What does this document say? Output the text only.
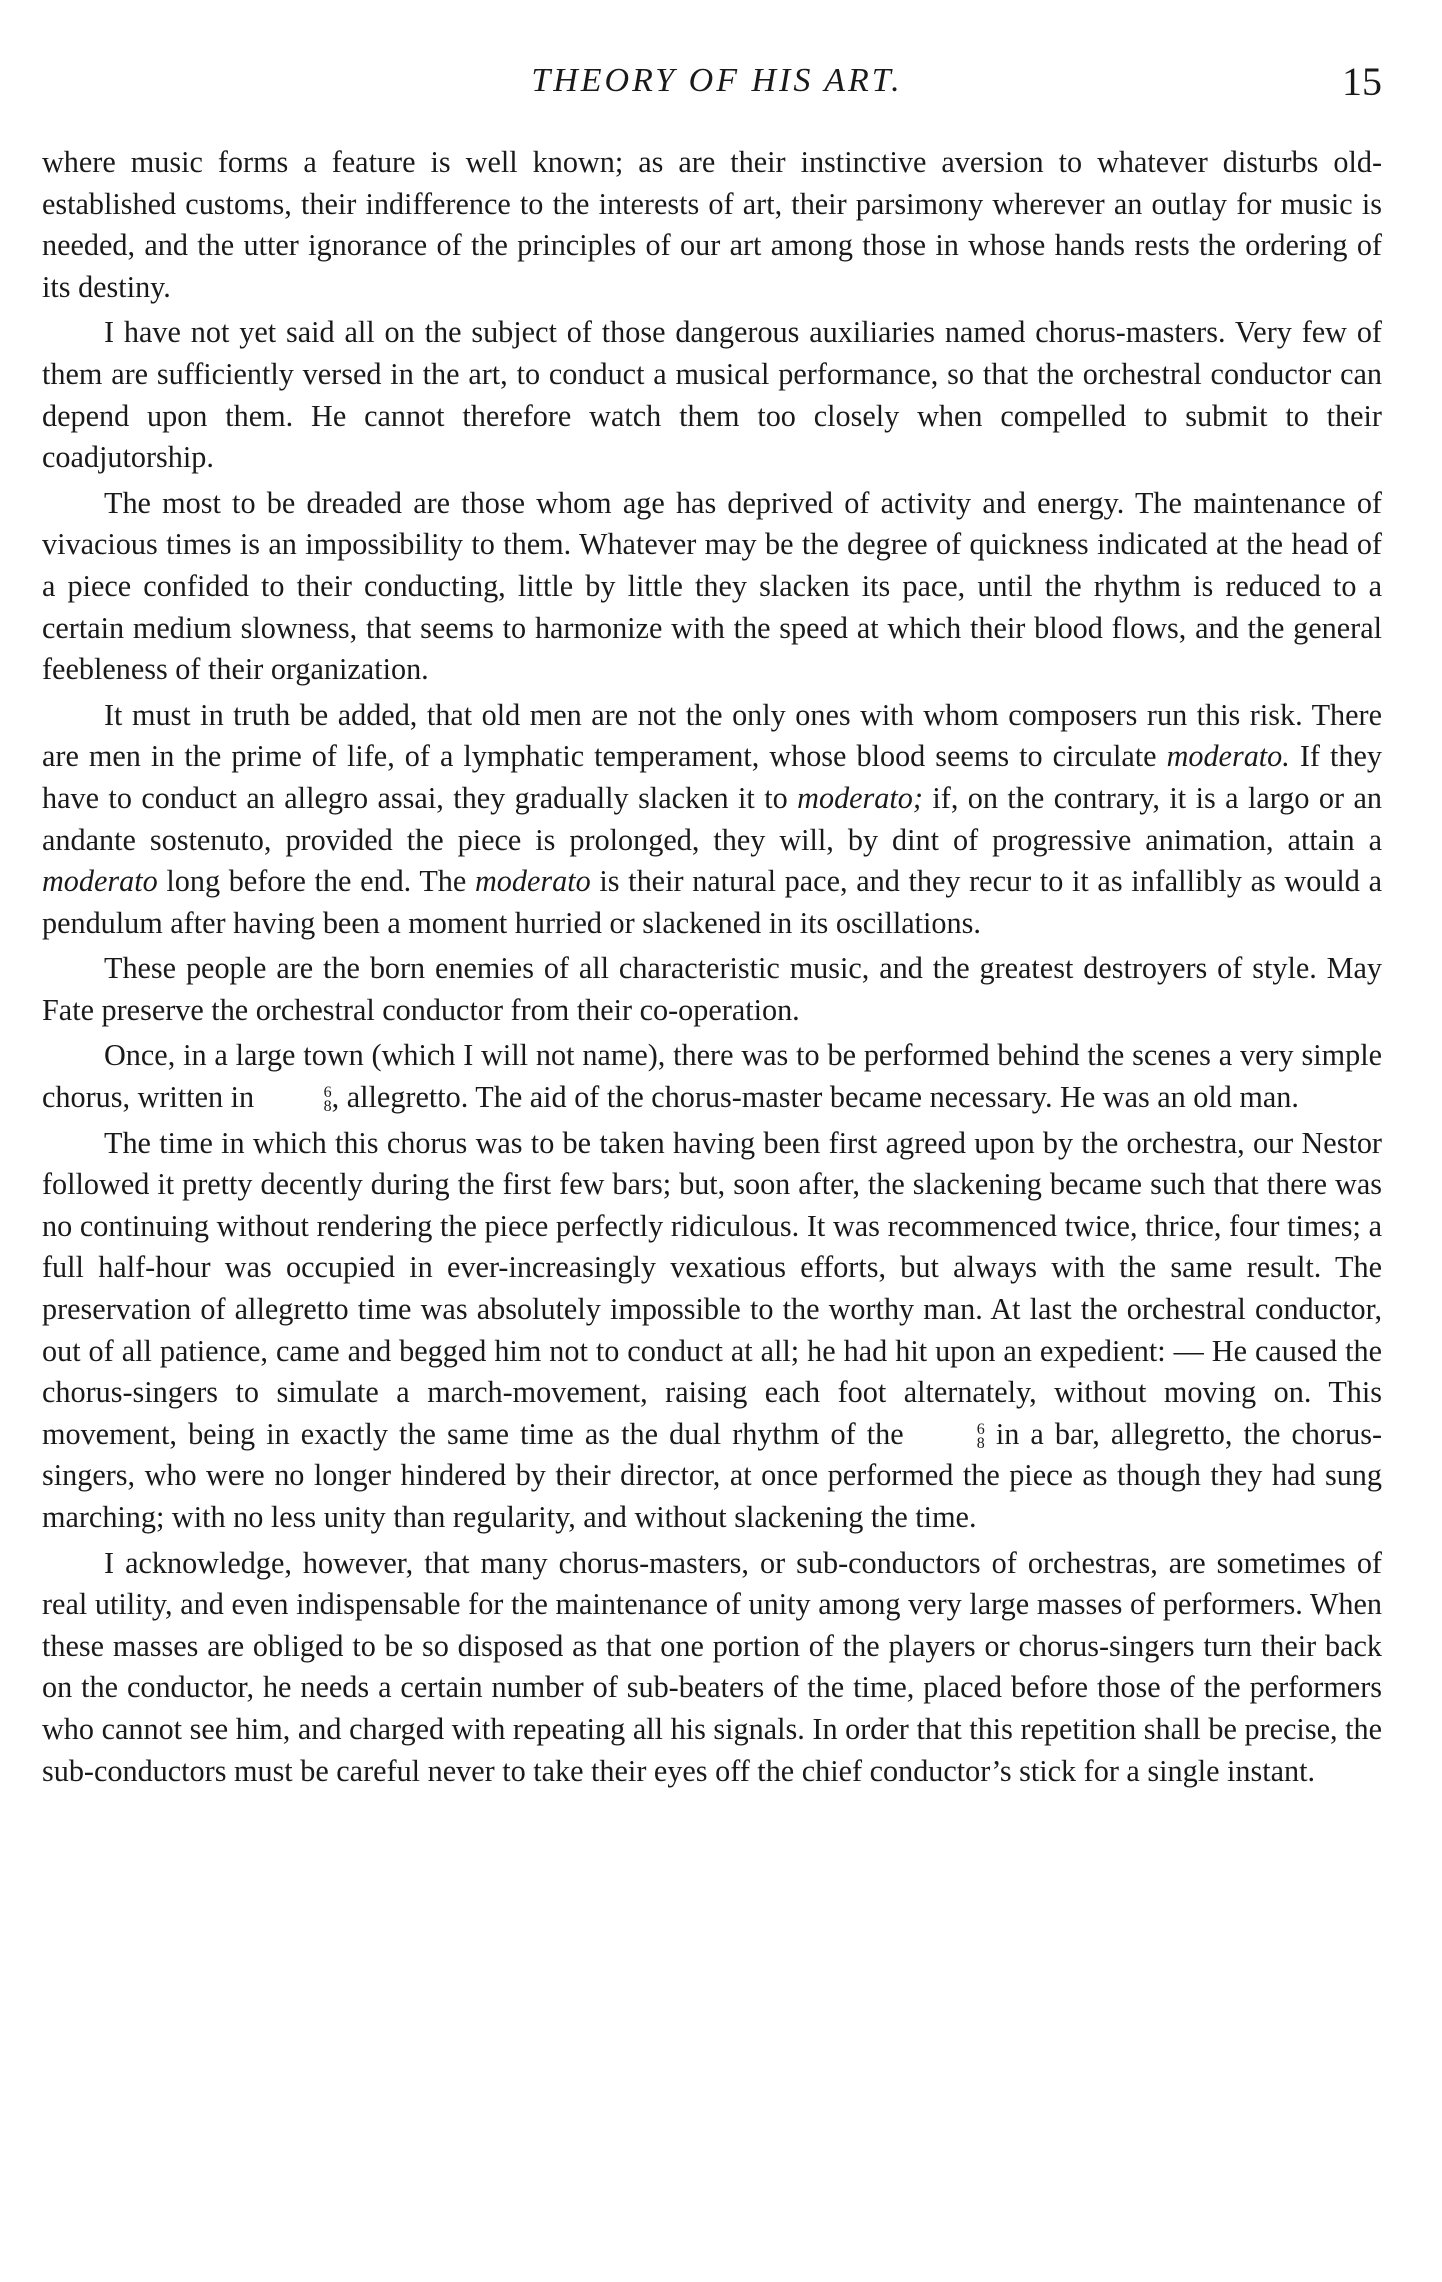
THEORY OF HIS ART.	15

where music forms a feature is well known; as are their instinctive aversion to whatever disturbs old-established customs, their indifference to the interests of art, their parsimony wherever an outlay for music is needed, and the utter ignorance of the principles of our art among those in whose hands rests the ordering of its destiny.

I have not yet said all on the subject of those dangerous auxiliaries named chorus-masters. Very few of them are sufficiently versed in the art, to conduct a musical performance, so that the orchestral conductor can depend upon them. He cannot therefore watch them too closely when compelled to submit to their coadjutorship.

The most to be dreaded are those whom age has deprived of activity and energy. The maintenance of vivacious times is an impossibility to them. Whatever may be the degree of quickness indicated at the head of a piece confided to their conducting, little by little they slacken its pace, until the rhythm is reduced to a certain medium slowness, that seems to harmonize with the speed at which their blood flows, and the general feebleness of their organization.

It must in truth be added, that old men are not the only ones with whom composers run this risk. There are men in the prime of life, of a lymphatic temperament, whose blood seems to circulate moderato. If they have to conduct an allegro assai, they gradually slacken it to moderato; if, on the contrary, it is a largo or an andante sostenuto, provided the piece is prolonged, they will, by dint of progressive animation, attain a moderato long before the end. The moderato is their natural pace, and they recur to it as infallibly as would a pendulum after having been a moment hurried or slackened in its oscillations.

These people are the born enemies of all characteristic music, and the greatest destroyers of style. May Fate preserve the orchestral conductor from their co-operation.

Once, in a large town (which I will not name), there was to be performed behind the scenes a very simple chorus, written in	6
8 , allegretto. The aid of the chorus-master became necessary. He was an old man.

The time in which this chorus was to be taken having been first agreed upon by the orchestra, our Nestor followed it pretty decently during the first few bars; but, soon after, the slackening became such that there was no continuing without rendering the piece perfectly ridiculous. It was recommenced twice, thrice, four times; a full half-hour was occupied in ever-increasingly vexatious efforts, but always with the same result. The preservation of allegretto time was absolutely impossible to the worthy man. At last the orchestral conductor, out of all patience, came and begged him not to conduct at all; he had hit upon an expedient: — He caused the chorus-singers to simulate a march-movement, raising each foot alternately, without moving on. This movement, being in exactly the same time as the dual rhythm of the	6
8 in a bar, allegretto, the chorus-singers, who were no longer hindered by their director, at once performed the piece as though they had sung marching; with no less unity than regularity, and without slackening the time.

I acknowledge, however, that many chorus-masters, or sub-conductors of orchestras, are sometimes of real utility, and even indispensable for the maintenance of unity among very large masses of performers. When these masses are obliged to be so disposed as that one portion of the players or chorus-singers turn their back on the conductor, he needs a certain number of sub-beaters of the time, placed before those of the performers who cannot see him, and charged with repeating all his signals. In order that this repetition shall be precise, the sub-conductors must be careful never to take their eyes off the chief conductor’s stick for a single instant.
